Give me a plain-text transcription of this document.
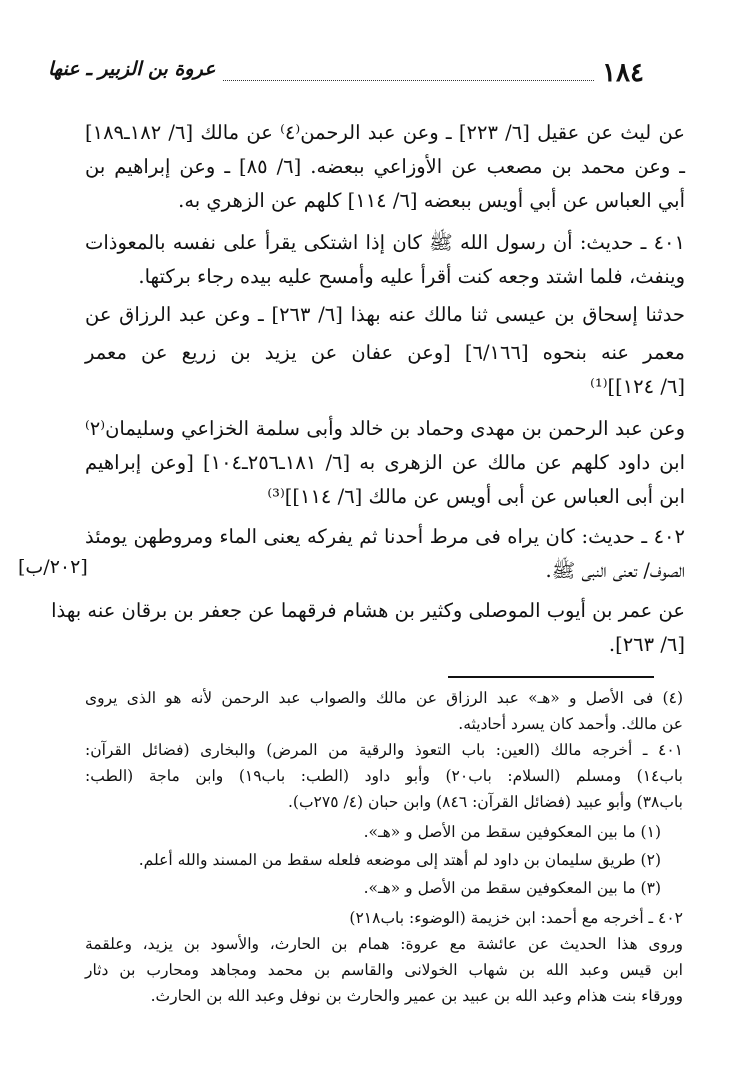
١٨٤
عروة بن الزبير ـ عنها
عن ليث عن عقيل [٦/ ٢٢٣] ـ وعن عبد الرحمن⁽٤⁾ عن مالك [٦/ ١٨٢ـ١٨٩]
ـ وعن محمد بن مصعب عن الأوزاعي ببعضه. [٦/ ٨٥] ـ وعن إبراهيم بن
أبي العباس عن أبي أويس ببعضه [٦/ ١١٤] كلهم عن الزهري به.
٤٠١ ـ حديث: أن رسول الله ﷺ كان إذا اشتكى يقرأ على نفسه بالمعوذات
وينفث، فلما اشتد وجعه كنت أقرأ عليه وأمسح عليه بيده رجاء بركتها.
حدثنا إسحاق بن عيسى ثنا مالك عنه بهذا [٦/ ٢٦٣] ـ وعن عبد الرزاق عن
معمر عنه بنحوه [٦/١٦٦] [وعن عفان عن يزيد بن زريع عن معمر
[٦/ ١٢٤]]⁽¹⁾
وعن عبد الرحمن بن مهدى وحماد بن خالد وأبى سلمة الخزاعي وسليمان⁽٢⁾
ابن داود كلهم عن مالك عن الزهرى به [٦/ ١٨١ـ٢٥٦ـ١٠٤] [وعن إبراهيم
ابن أبى العباس عن أبى أويس عن مالك [٦/ ١١٤]]⁽³⁾
٤٠٢ ـ حديث: كان يراه فى مرط أحدنا ثم يفركه يعنى الماء ومروطهن يومئذ
الصوف/ تعنى النبى ﷺ.
[٢٠٢/ب]
عن عمر بن أيوب الموصلى وكثير بن هشام فرقهما عن جعفر بن برقان عنه بهذا
[٦/ ٢٦٣].
(٤) فى الأصل و «هـ» عبد الرزاق عن مالك والصواب عبد الرحمن لأنه هو الذى يروى
عن مالك. وأحمد كان يسرد أحاديثه.
٤٠١ ـ أخرجه مالك (العين: باب التعوذ والرقية من المرض) والبخارى (فضائل القرآن:
باب١٤) ومسلم (السلام: باب٢٠) وأبو داود (الطب: باب١٩) وابن ماجة (الطب:
باب٣٨) وأبو عبيد (فضائل القرآن: ٨٤٦) وابن حبان (٤/ ٢٧٥ب).
(١) ما بين المعكوفين سقط من الأصل و «هـ».
(٢) طريق سليمان بن داود لم أهتد إلى موضعه فلعله سقط من المسند والله أعلم.
(٣) ما بين المعكوفين سقط من الأصل و «هـ».
٤٠٢ ـ أخرجه مع أحمد: ابن خزيمة (الوضوء: باب٢١٨)
وروى هذا الحديث عن عائشة مع عروة: همام بن الحارث، والأسود بن يزيد، وعلقمة
ابن قيس وعبد الله بن شهاب الخولانى والقاسم بن محمد ومجاهد ومحارب بن دثار
وورقاء بنت هذام وعبد الله بن عبيد بن عمير والحارث بن نوفل وعبد الله بن الحارث.
